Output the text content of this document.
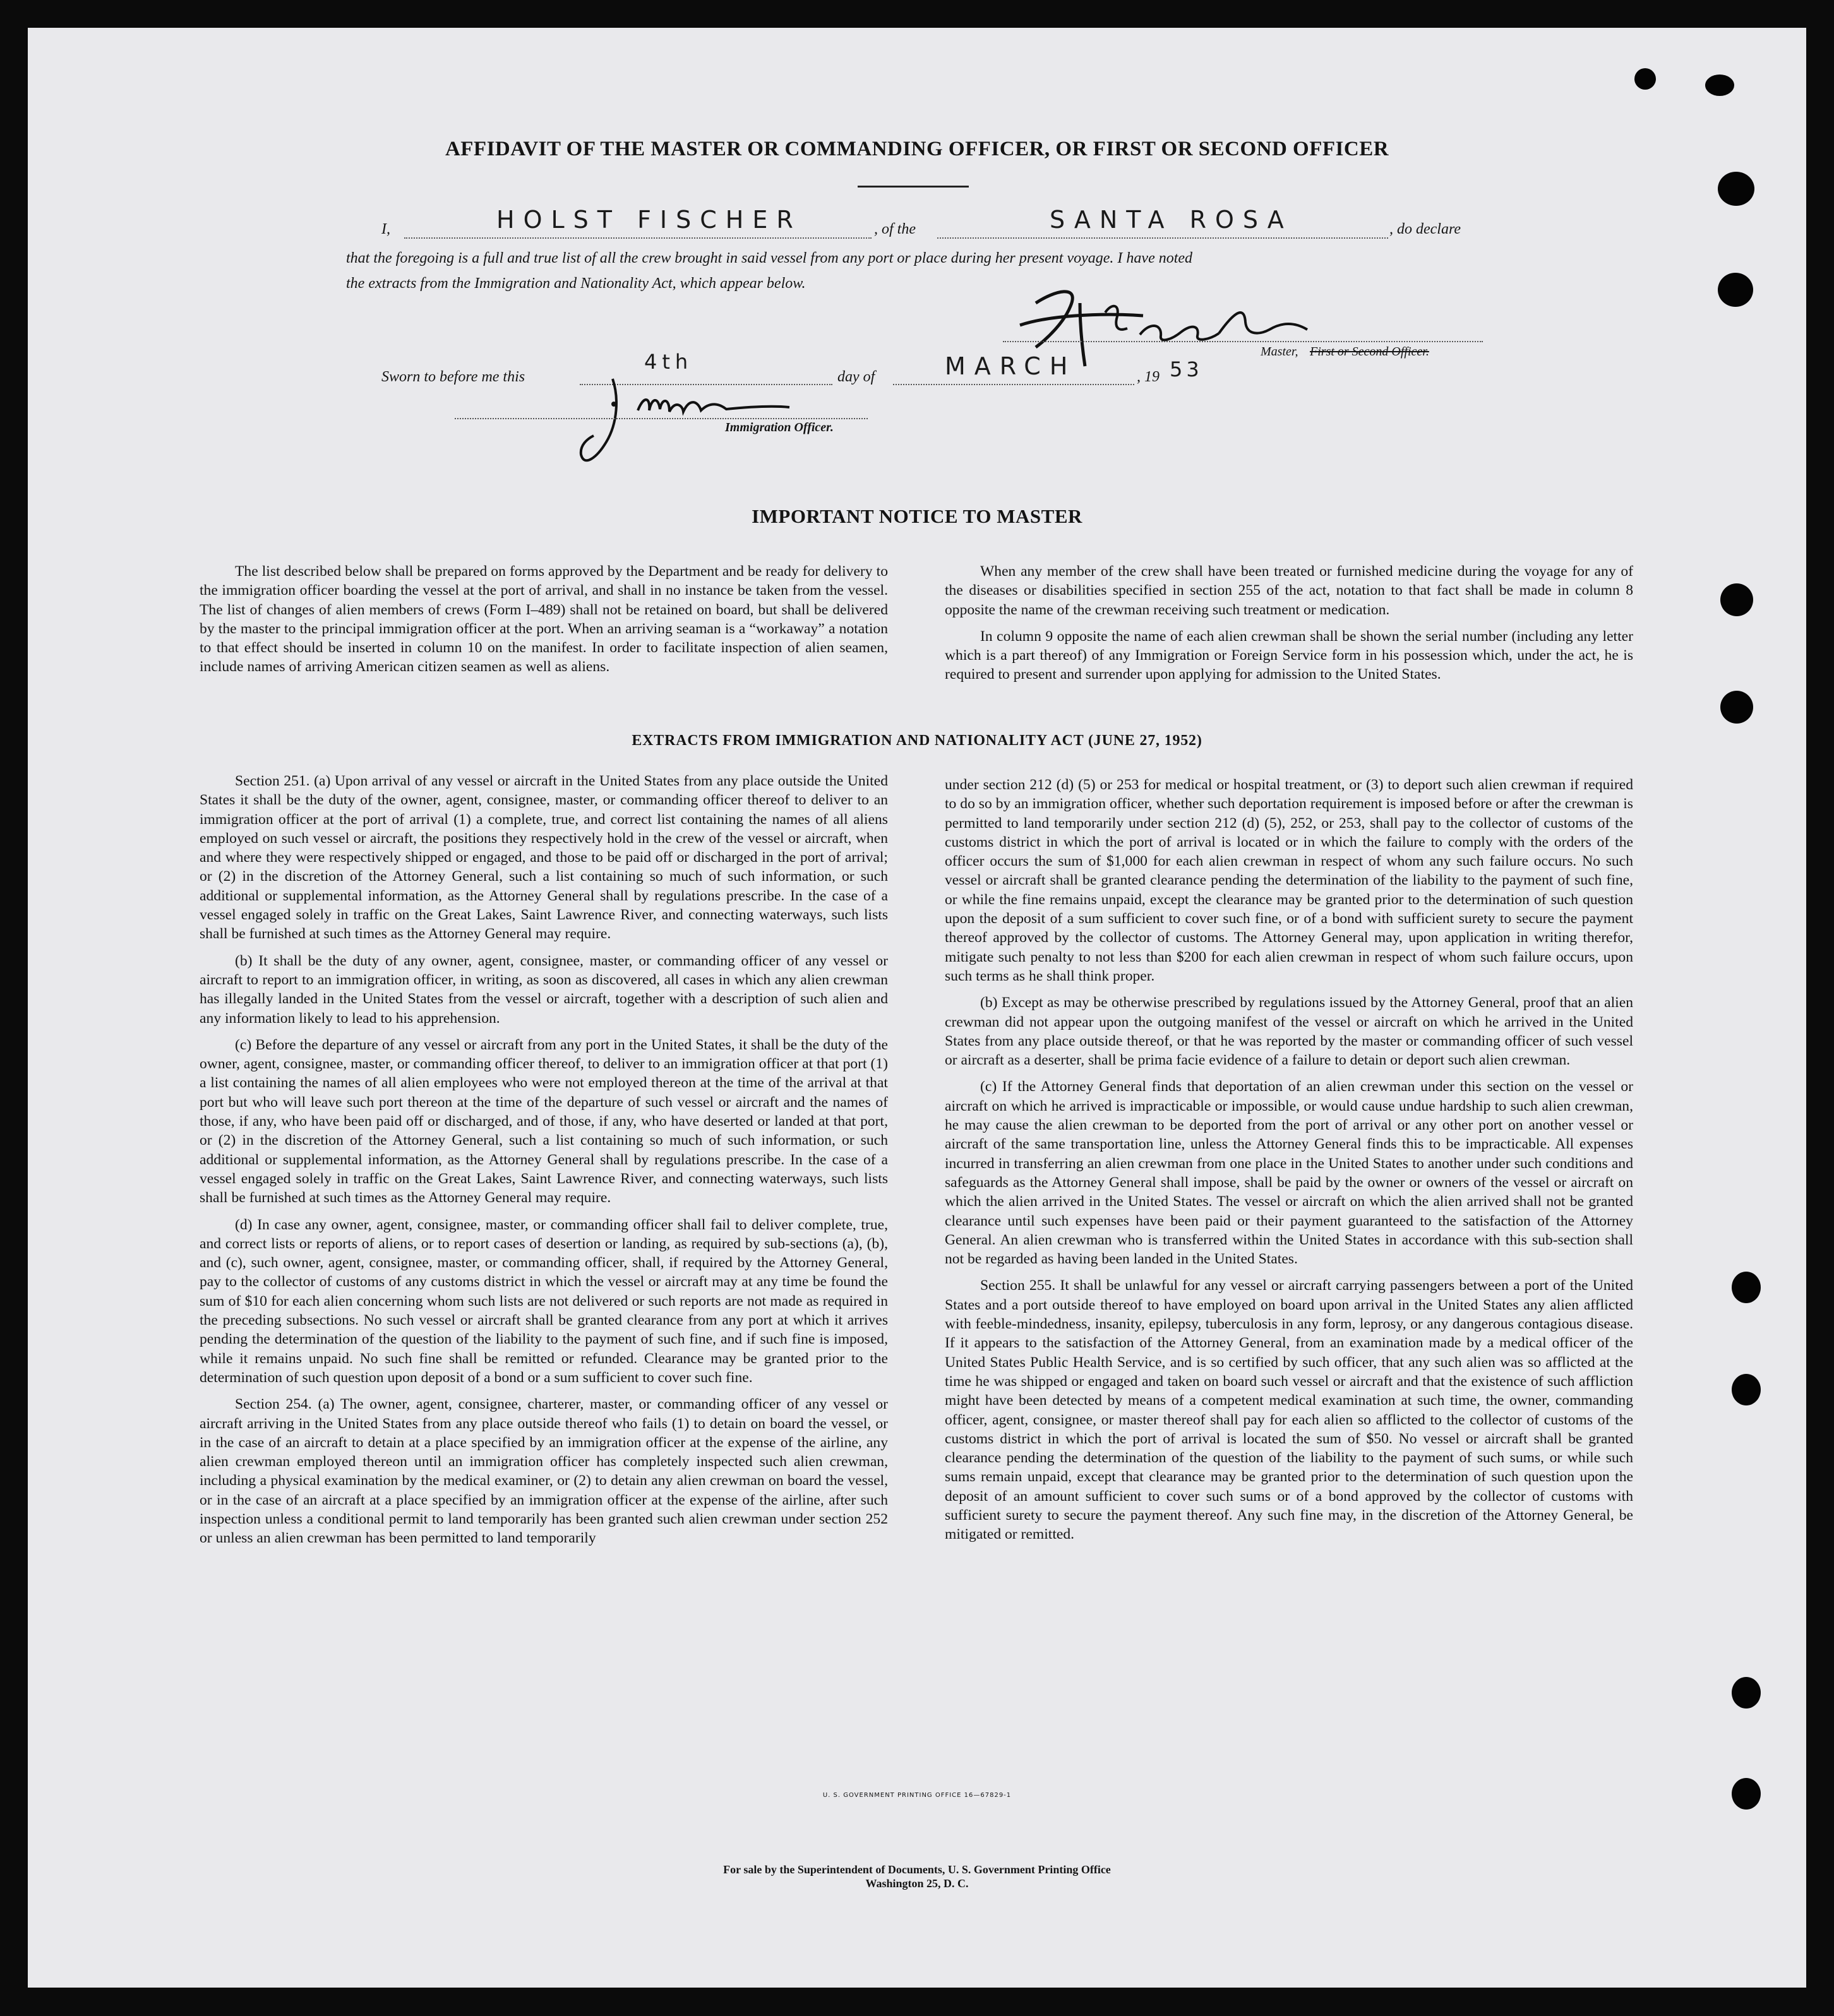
AFFIDAVIT OF THE MASTER OR COMMANDING OFFICER, OR FIRST OR SECOND OFFICER
I,	HOLST FISCHER	, of the	SANTA ROSA	, do declare
that the foregoing is a full and true list of all the crew brought in said vessel from any port or place during her present voyage. I have noted
the extracts from the Immigration and Nationality Act, which appear below.
Master, First or Second Officer.
Sworn to before me this
4th
day of	MARCH	, 19 53
Immigration Officer.
IMPORTANT NOTICE TO MASTER

The list described below shall be prepared on forms approved by the Department and be ready for delivery to the immigration officer boarding the vessel at the port of arrival, and shall in no instance be taken from the vessel. The list of changes of alien members of crews (Form I–489) shall not be retained on board, but shall be delivered by the master to the principal immigration officer at the port. When an arriving seaman is a “workaway” a notation to that effect should be inserted in column 10 on the manifest. In order to facilitate inspection of alien seamen, include names of arriving American citizen seamen as well as aliens.

When any member of the crew shall have been treated or furnished medicine during the voyage for any of the diseases or disabilities specified in section 255 of the act, notation to that fact shall be made in column 8 opposite the name of the crewman receiving such treatment or medication.

In column 9 opposite the name of each alien crewman shall be shown the serial number (including any letter which is a part thereof) of any Immigration or Foreign Service form in his possession which, under the act, he is required to present and surrender upon applying for admission to the United States.

EXTRACTS FROM IMMIGRATION AND NATIONALITY ACT (JUNE 27, 1952)

Section 251. (a) Upon arrival of any vessel or aircraft in the United States from any place outside the United States it shall be the duty of the owner, agent, consignee, master, or commanding officer thereof to deliver to an immigration officer at the port of arrival (1) a complete, true, and correct list containing the names of all aliens employed on such vessel or aircraft, the positions they respectively hold in the crew of the vessel or aircraft, when and where they were respectively shipped or engaged, and those to be paid off or discharged in the port of arrival; or (2) in the discretion of the Attorney General, such a list containing so much of such information, or such additional or supplemental information, as the Attorney General shall by regulations prescribe. In the case of a vessel engaged solely in traffic on the Great Lakes, Saint Lawrence River, and connecting waterways, such lists shall be furnished at such times as the Attorney General may require.

(b) It shall be the duty of any owner, agent, consignee, master, or commanding officer of any vessel or aircraft to report to an immigration officer, in writing, as soon as discovered, all cases in which any alien crewman has illegally landed in the United States from the vessel or aircraft, together with a description of such alien and any information likely to lead to his apprehension.

(c) Before the departure of any vessel or aircraft from any port in the United States, it shall be the duty of the owner, agent, consignee, master, or commanding officer thereof, to deliver to an immigration officer at that port (1) a list containing the names of all alien employees who were not employed thereon at the time of the arrival at that port but who will leave such port thereon at the time of the departure of such vessel or aircraft and the names of those, if any, who have been paid off or discharged, and of those, if any, who have deserted or landed at that port, or (2) in the discretion of the Attorney General, such a list containing so much of such information, or such additional or supplemental information, as the Attorney General shall by regulations prescribe. In the case of a vessel engaged solely in traffic on the Great Lakes, Saint Lawrence River, and connecting waterways, such lists shall be furnished at such times as the Attorney General may require.

(d) In case any owner, agent, consignee, master, or commanding officer shall fail to deliver complete, true, and correct lists or reports of aliens, or to report cases of desertion or landing, as required by sub-sections (a), (b), and (c), such owner, agent, consignee, master, or commanding officer, shall, if required by the Attorney General, pay to the collector of customs of any customs district in which the vessel or aircraft may at any time be found the sum of $10 for each alien concerning whom such lists are not delivered or such reports are not made as required in the preceding subsections. No such vessel or aircraft shall be granted clearance from any port at which it arrives pending the determination of the question of the liability to the payment of such fine, and if such fine is imposed, while it remains unpaid. No such fine shall be remitted or refunded. Clearance may be granted prior to the determination of such question upon deposit of a bond or a sum sufficient to cover such fine.

Section 254. (a) The owner, agent, consignee, charterer, master, or commanding officer of any vessel or aircraft arriving in the United States from any place outside thereof who fails (1) to detain on board the vessel, or in the case of an aircraft to detain at a place specified by an immigration officer at the expense of the airline, any alien crewman employed thereon until an immigration officer has completely inspected such alien crewman, including a physical examination by the medical examiner, or (2) to detain any alien crewman on board the vessel, or in the case of an aircraft at a place specified by an immigration officer at the expense of the airline, after such inspection unless a conditional permit to land temporarily has been granted such alien crewman under section 252 or unless an alien crewman has been permitted to land temporarily

under section 212 (d) (5) or 253 for medical or hospital treatment, or (3) to deport such alien crewman if required to do so by an immigration officer, whether such deportation requirement is imposed before or after the crewman is permitted to land temporarily under section 212 (d) (5), 252, or 253, shall pay to the collector of customs of the customs district in which the port of arrival is located or in which the failure to comply with the orders of the officer occurs the sum of $1,000 for each alien crewman in respect of whom any such failure occurs. No such vessel or aircraft shall be granted clearance pending the determination of the liability to the payment of such fine, or while the fine remains unpaid, except the clearance may be granted prior to the determination of such question upon the deposit of a sum sufficient to cover such fine, or of a bond with sufficient surety to secure the payment thereof approved by the collector of customs. The Attorney General may, upon application in writing therefor, mitigate such penalty to not less than $200 for each alien crewman in respect of whom such failure occurs, upon such terms as he shall think proper.

(b) Except as may be otherwise prescribed by regulations issued by the Attorney General, proof that an alien crewman did not appear upon the outgoing manifest of the vessel or aircraft on which he arrived in the United States from any place outside thereof, or that he was reported by the master or commanding officer of such vessel or aircraft as a deserter, shall be prima facie evidence of a failure to detain or deport such alien crewman.

(c) If the Attorney General finds that deportation of an alien crewman under this section on the vessel or aircraft on which he arrived is impracticable or impossible, or would cause undue hardship to such alien crewman, he may cause the alien crewman to be deported from the port of arrival or any other port on another vessel or aircraft of the same transportation line, unless the Attorney General finds this to be impracticable. All expenses incurred in transferring an alien crewman from one place in the United States to another under such conditions and safeguards as the Attorney General shall impose, shall be paid by the owner or owners of the vessel or aircraft on which the alien arrived in the United States. The vessel or aircraft on which the alien arrived shall not be granted clearance until such expenses have been paid or their payment guaranteed to the satisfaction of the Attorney General. An alien crewman who is transferred within the United States in accordance with this sub-section shall not be regarded as having been landed in the United States.

Section 255. It shall be unlawful for any vessel or aircraft carrying passengers between a port of the United States and a port outside thereof to have employed on board upon arrival in the United States any alien afflicted with feeble-mindedness, insanity, epilepsy, tuberculosis in any form, leprosy, or any dangerous contagious disease. If it appears to the satisfaction of the Attorney General, from an examination made by a medical officer of the United States Public Health Service, and is so certified by such officer, that any such alien was so afflicted at the time he was shipped or engaged and taken on board such vessel or aircraft and that the existence of such affliction might have been detected by means of a competent medical examination at such time, the owner, commanding officer, agent, consignee, or master thereof shall pay for each alien so afflicted to the collector of customs of the customs district in which the port of arrival is located the sum of $50. No vessel or aircraft shall be granted clearance pending the determination of the question of the liability to the payment of such sums, or while such sums remain unpaid, except that clearance may be granted prior to the determination of such question upon the deposit of an amount sufficient to cover such sums or of a bond approved by the collector of customs with sufficient surety to secure the payment thereof. Any such fine may, in the discretion of the Attorney General, be mitigated or remitted.

U. S. GOVERNMENT PRINTING OFFICE 16—67829-1
For sale by the Superintendent of Documents, U. S. Government Printing Office
Washington 25, D. C.
